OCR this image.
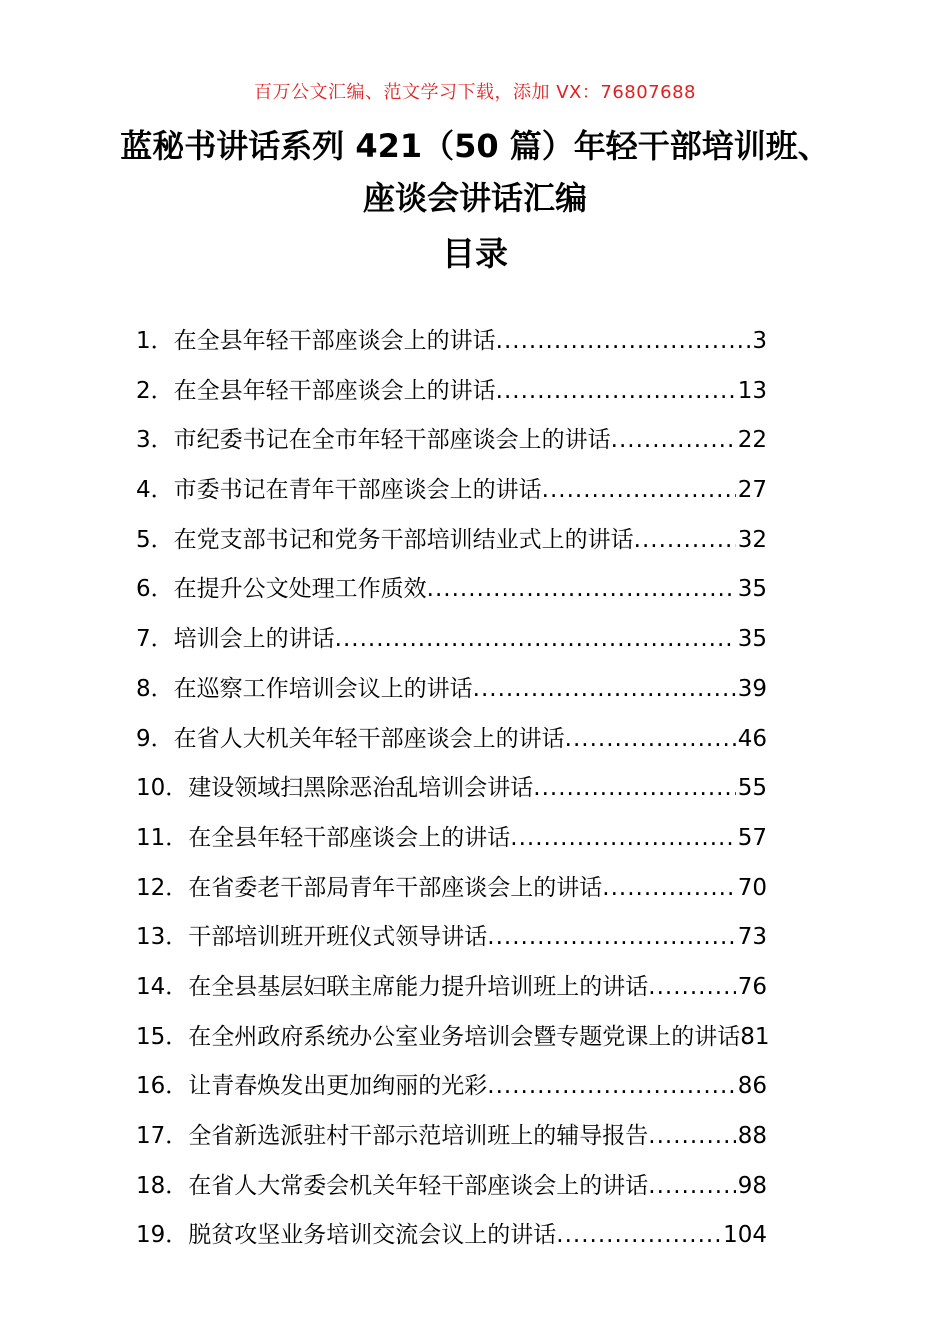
百万公文汇编、范文学习下载，添加 VX：76807688
蓝秘书讲话系列 421（50 篇）年轻干部培训班、
座谈会讲话汇编
目录
1． 在全县年轻干部座谈会上的讲话 .....	3
2． 在全县年轻干部座谈会上的讲话 .....	13
3． 市纪委书记在全市年轻干部座谈会上的讲话 .....	22
4． 市委书记在青年干部座谈会上的讲话 .....	27
5． 在党支部书记和党务干部培训结业式上的讲话 .....	32
6． 在提升公文处理工作质效 .....	35
7． 培训会上的讲话 .....	35
8． 在巡察工作培训会议上的讲话 .....	39
9． 在省人大机关年轻干部座谈会上的讲话 .....	46
10． 建设领域扫黑除恶治乱培训会讲话 .....	55
11． 在全县年轻干部座谈会上的讲话 .....	57
12． 在省委老干部局青年干部座谈会上的讲话 .....	70
13． 干部培训班开班仪式领导讲话 .....	73
14． 在全县基层妇联主席能力提升培训班上的讲话 .....	76
15． 在全州政府系统办公室业务培训会暨专题党课上的讲话 81
16． 让青春焕发出更加绚丽的光彩 .....	86
17． 全省新选派驻村干部示范培训班上的辅导报告 .....	88
18． 在省人大常委会机关年轻干部座谈会上的讲话 .....	98
19． 脱贫攻坚业务培训交流会议上的讲话 .....	104
